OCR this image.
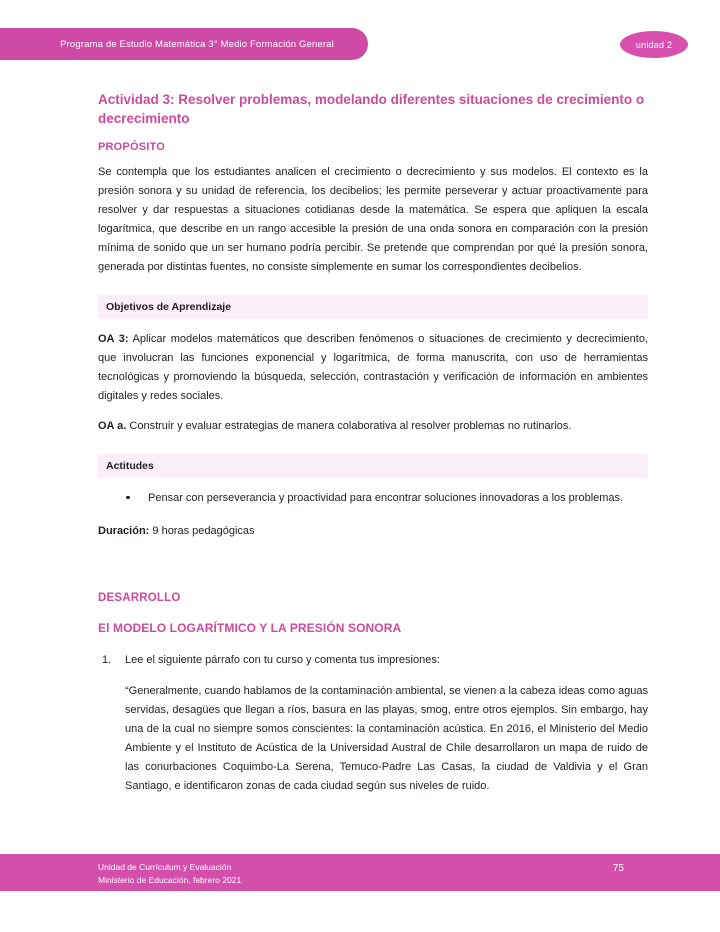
Programa de Estudio Matemática 3° Medio Formación General	unidad 2
Actividad 3: Resolver problemas, modelando diferentes situaciones de crecimiento o decrecimiento
PROPÓSITO

Se contempla que los estudiantes analicen el crecimiento o decrecimiento y sus modelos. El contexto es la presión sonora y su unidad de referencia, los decibelios; les permite perseverar y actuar proactivamente para resolver y dar respuestas a situaciones cotidianas desde la matemática. Se espera que apliquen la escala logarítmica, que describe en un rango accesible la presión de una onda sonora en comparación con la presión mínima de sonido que un ser humano podría percibir. Se pretende que comprendan por qué la presión sonora, generada por distintas fuentes, no consiste simplemente en sumar los correspondientes decibelios.

Objetivos de Aprendizaje
OA 3: Aplicar modelos matemáticos que describen fenómenos o situaciones de crecimiento y decrecimiento, que involucran las funciones exponencial y logarítmica, de forma manuscrita, con uso de herramientas tecnológicas y promoviendo la búsqueda, selección, contrastación y verificación de información en ambientes digitales y redes sociales.
OA a. Construir y evaluar estrategias de manera colaborativa al resolver problemas no rutinarios.
Actitudes
Pensar con perseverancia y proactividad para encontrar soluciones innovadoras a los problemas.
Duración: 9 horas pedagógicas
DESARROLLO
El MODELO LOGARÍTMICO Y LA PRESIÓN SONORA
1. Lee el siguiente párrafo con tu curso y comenta tus impresiones:

“Generalmente, cuando hablamos de la contaminación ambiental, se vienen a la cabeza ideas como aguas servidas, desagües que llegan a ríos, basura en las playas, smog, entre otros ejemplos. Sin embargo, hay una de la cual no siempre somos conscientes: la contaminación acústica. En 2016, el Ministerio del Medio Ambiente y el Instituto de Acústica de la Universidad Austral de Chile desarrollaron un mapa de ruido de las conurbaciones Coquimbo-La Serena, Temuco-Padre Las Casas, la ciudad de Valdivia y el Gran Santiago, e identificaron zonas de cada ciudad según sus niveles de ruido.

Unidad de Currículum y Evaluación
Ministerio de Educación, febrero 2021
75
